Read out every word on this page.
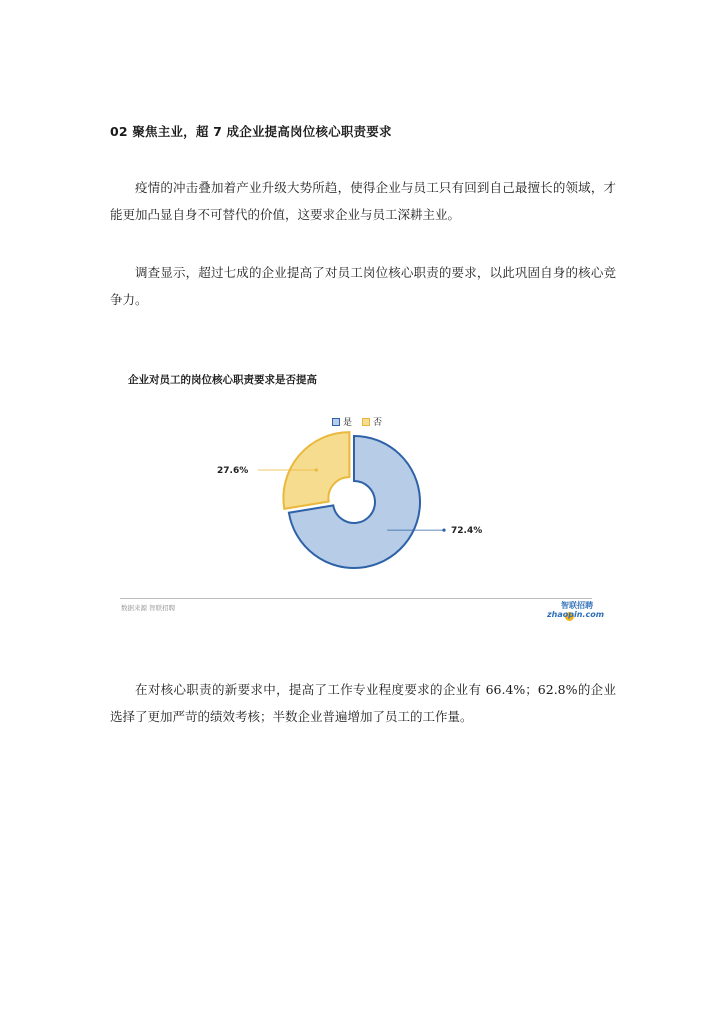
02 聚焦主业，超 7 成企业提高岗位核心职责要求
疫情的冲击叠加着产业升级大势所趋，使得企业与员工只有回到自己最擅长的领域，才能更加凸显自身不可替代的价值，这要求企业与员工深耕主业。
调查显示，超过七成的企业提高了对员工岗位核心职责的要求，以此巩固自身的核心竞争力。
企业对员工的岗位核心职责要求是否提高
是 否
72.4%
27.6%
数据来源 智联招聘	智联招聘
zhaopin.com
在对核心职责的新要求中，提高了工作专业程度要求的企业有 66.4%；62.8%的企业选择了更加严苛的绩效考核；半数企业普遍增加了员工的工作量。
